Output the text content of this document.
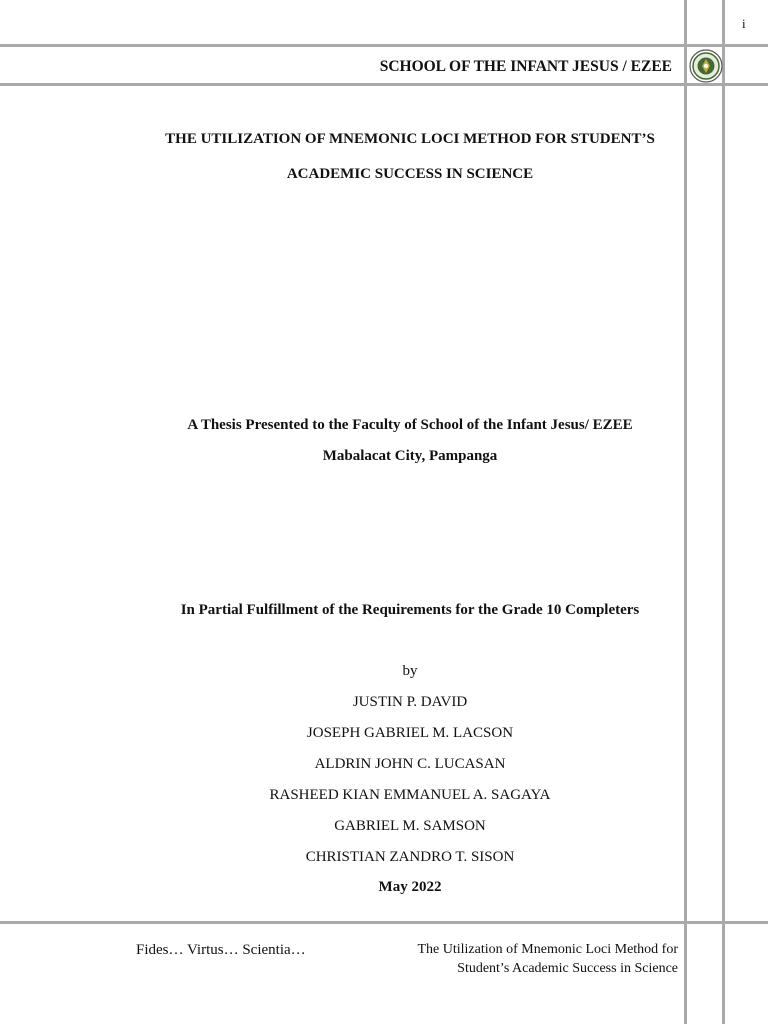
i
SCHOOL OF THE INFANT JESUS / EZEE
THE UTILIZATION OF MNEMONIC LOCI METHOD FOR STUDENT’S
ACADEMIC SUCCESS IN SCIENCE
A Thesis Presented to the Faculty of School of the Infant Jesus/ EZEE
Mabalacat City, Pampanga
In Partial Fulfillment of the Requirements for the Grade 10 Completers
by
JUSTIN P. DAVID
JOSEPH GABRIEL M. LACSON
ALDRIN JOHN C. LUCASAN
RASHEED KIAN EMMANUEL A. SAGAYA
GABRIEL M. SAMSON
CHRISTIAN ZANDRO T. SISON
May 2022
Fides… Virtus… Scientia…	The Utilization of Mnemonic Loci Method for
Student’s Academic Success in Science
